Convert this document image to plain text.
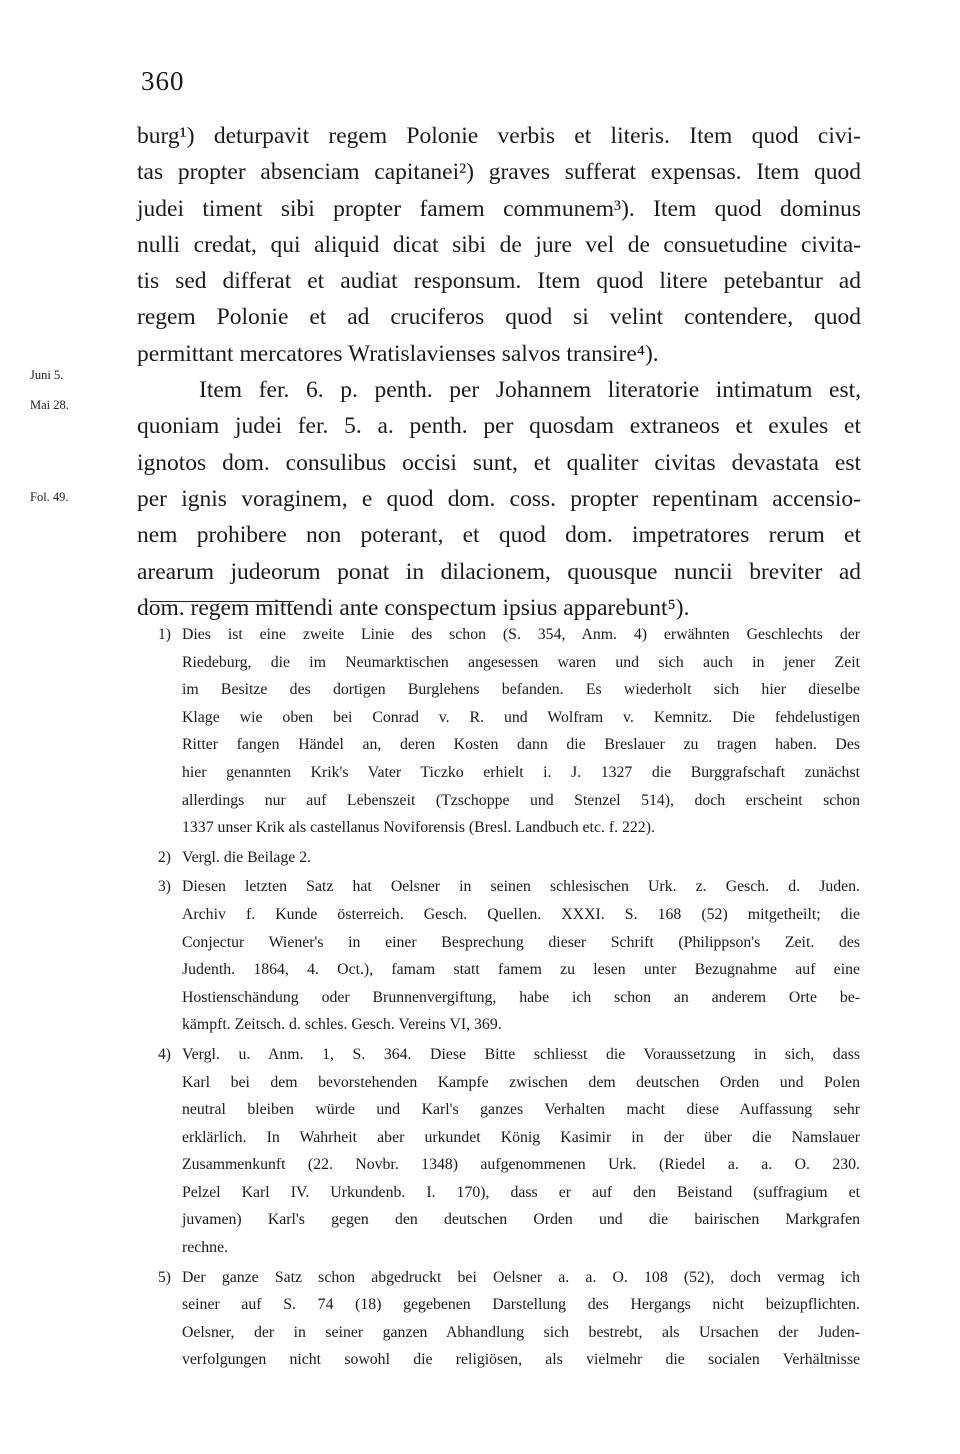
360
burg¹) deturpavit regem Polonie verbis et literis. Item quod civi-
tas propter absenciam capitanei²) graves sufferat expensas. Item quod
judei timent sibi propter famem communem³). Item quod dominus
nulli credat, qui aliquid dicat sibi de jure vel de consuetudine civita-
tis sed differat et audiat responsum. Item quod litere petebantur ad
regem Polonie et ad cruciferos quod si velint contendere, quod
permittant mercatores Wratislavienses salvos transire⁴).
Item fer. 6. p. penth. per Johannem literatorie intimatum est,
quoniam judei fer. 5. a. penth. per quosdam extraneos et exules et
ignotos dom. consulibus occisi sunt, et qualiter civitas devastata est
per ignis voraginem, e quod dom. coss. propter repentinam accensio-
nem prohibere non poterant, et quod dom. impetratores rerum et
arearum judeorum ponat in dilacionem, quousque nuncii breviter ad
dom. regem mittendi ante conspectum ipsius apparebunt⁵).
Juni 5.
Mai 28.
Fol. 49.
1) Dies ist eine zweite Linie des schon (S. 354, Anm. 4) erwähnten Geschlechts der
Riedeburg, die im Neumarktischen angesessen waren und sich auch in jener Zeit
im Besitze des dortigen Burglehens befanden. Es wiederholt sich hier dieselbe
Klage wie oben bei Conrad v. R. und Wolfram v. Kemnitz. Die fehdelustigen
Ritter fangen Händel an, deren Kosten dann die Breslauer zu tragen haben. Des
hier genannten Krik's Vater Ticzko erhielt i. J. 1327 die Burggrafschaft zunächst
allerdings nur auf Lebenszeit (Tzschoppe und Stenzel 514), doch erscheint schon
1337 unser Krik als castellanus Noviforensis (Bresl. Landbuch etc. f. 222).
2) Vergl. die Beilage 2.
3) Diesen letzten Satz hat Oelsner in seinen schlesischen Urk. z. Gesch. d. Juden.
Archiv f. Kunde österreich. Gesch. Quellen. XXXI. S. 168 (52) mitgetheilt; die
Conjectur Wiener's in einer Besprechung dieser Schrift (Philippson's Zeit. des
Judenth. 1864, 4. Oct.), famam statt famem zu lesen unter Bezugnahme auf eine
Hostienschändung oder Brunnenvergiftung, habe ich schon an anderem Orte be-
kämpft. Zeitsch. d. schles. Gesch. Vereins VI, 369.
4) Vergl. u. Anm. 1, S. 364. Diese Bitte schliesst die Voraussetzung in sich, dass
Karl bei dem bevorstehenden Kampfe zwischen dem deutschen Orden und Polen
neutral bleiben würde und Karl's ganzes Verhalten macht diese Auffassung sehr
erklärlich. In Wahrheit aber urkundet König Kasimir in der über die Namslauer
Zusammenkunft (22. Novbr. 1348) aufgenommenen Urk. (Riedel a. a. O. 230.
Pelzel Karl IV. Urkundenb. I. 170), dass er auf den Beistand (suffragium et
juvamen) Karl's gegen den deutschen Orden und die bairischen Markgrafen
rechne.
5) Der ganze Satz schon abgedruckt bei Oelsner a. a. O. 108 (52), doch vermag ich
seiner auf S. 74 (18) gegebenen Darstellung des Hergangs nicht beizupflichten.
Oelsner, der in seiner ganzen Abhandlung sich bestrebt, als Ursachen der Juden-
verfolgungen nicht sowohl die religiösen, als vielmehr die socialen Verhältnisse
